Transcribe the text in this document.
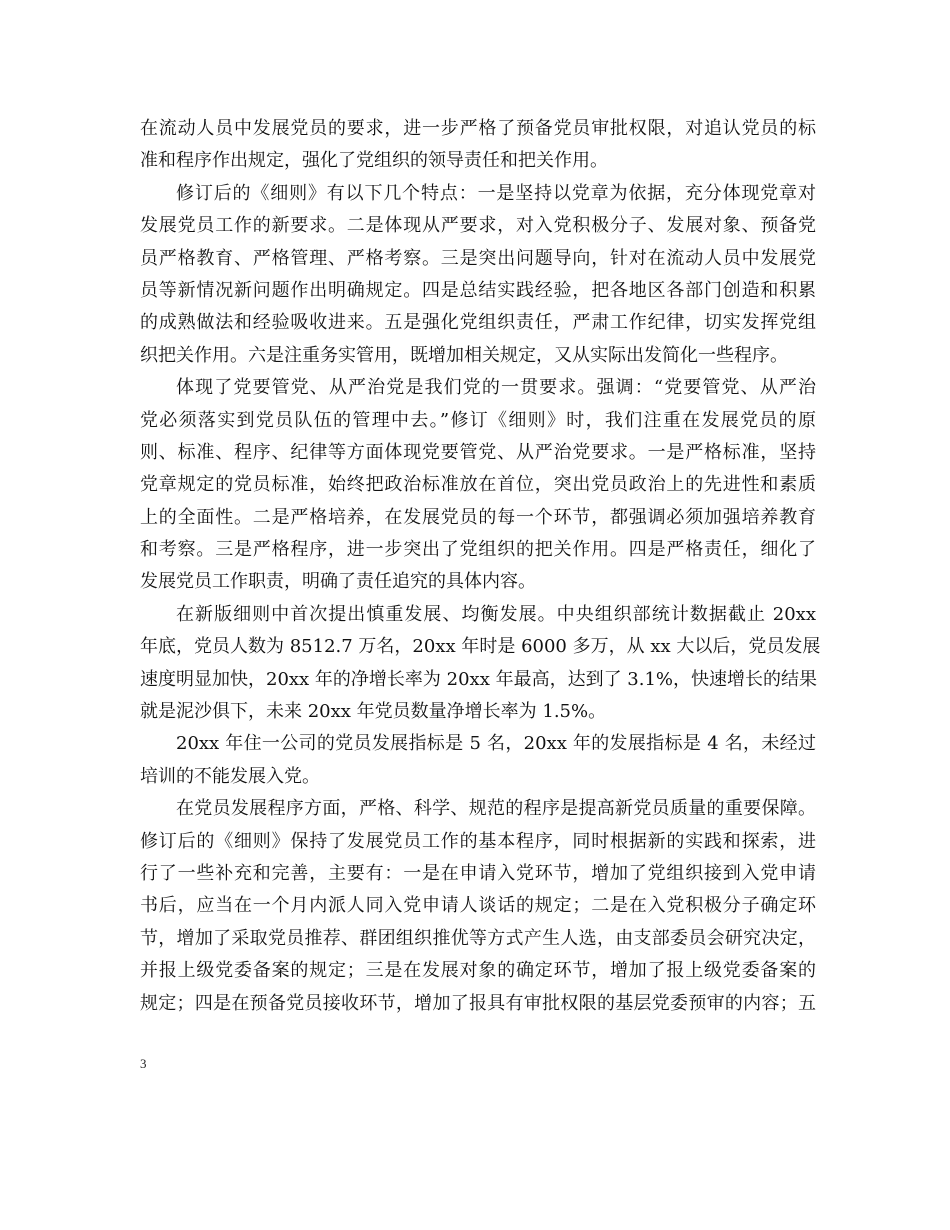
在流动人员中发展党员的要求，进一步严格了预备党员审批权限，对追认党员的标
准和程序作出规定，强化了党组织的领导责任和把关作用。
修订后的《细则》有以下几个特点：一是坚持以党章为依据，充分体现党章对
发展党员工作的新要求。二是体现从严要求，对入党积极分子、发展对象、预备党
员严格教育、严格管理、严格考察。三是突出问题导向，针对在流动人员中发展党
员等新情况新问题作出明确规定。四是总结实践经验，把各地区各部门创造和积累
的成熟做法和经验吸收进来。五是强化党组织责任，严肃工作纪律，切实发挥党组
织把关作用。六是注重务实管用，既增加相关规定，又从实际出发简化一些程序。
体现了党要管党、从严治党是我们党的一贯要求。强调：“党要管党、从严治
党必须落实到党员队伍的管理中去。”修订《细则》时，我们注重在发展党员的原
则、标准、程序、纪律等方面体现党要管党、从严治党要求。一是严格标准，坚持
党章规定的党员标准，始终把政治标准放在首位，突出党员政治上的先进性和素质
上的全面性。二是严格培养，在发展党员的每一个环节，都强调必须加强培养教育
和考察。三是严格程序，进一步突出了党组织的把关作用。四是严格责任，细化了
发展党员工作职责，明确了责任追究的具体内容。
在新版细则中首次提出慎重发展、均衡发展。中央组织部统计数据截止 20xx
年底，党员人数为 8512.7 万名，20xx 年时是 6000 多万，从 xx 大以后，党员发展
速度明显加快，20xx 年的净增长率为 20xx 年最高，达到了 3.1%，快速增长的结果
就是泥沙俱下，未来 20xx 年党员数量净增长率为 1.5%。
20xx 年住一公司的党员发展指标是 5 名，20xx 年的发展指标是 4 名，未经过
培训的不能发展入党。
在党员发展程序方面，严格、科学、规范的程序是提高新党员质量的重要保障。
修订后的《细则》保持了发展党员工作的基本程序，同时根据新的实践和探索，进
行了一些补充和完善，主要有：一是在申请入党环节，增加了党组织接到入党申请
书后，应当在一个月内派人同入党申请人谈话的规定；二是在入党积极分子确定环
节，增加了采取党员推荐、群团组织推优等方式产生人选，由支部委员会研究决定，
并报上级党委备案的规定；三是在发展对象的确定环节，增加了报上级党委备案的
规定；四是在预备党员接收环节，增加了报具有审批权限的基层党委预审的内容；五
3
